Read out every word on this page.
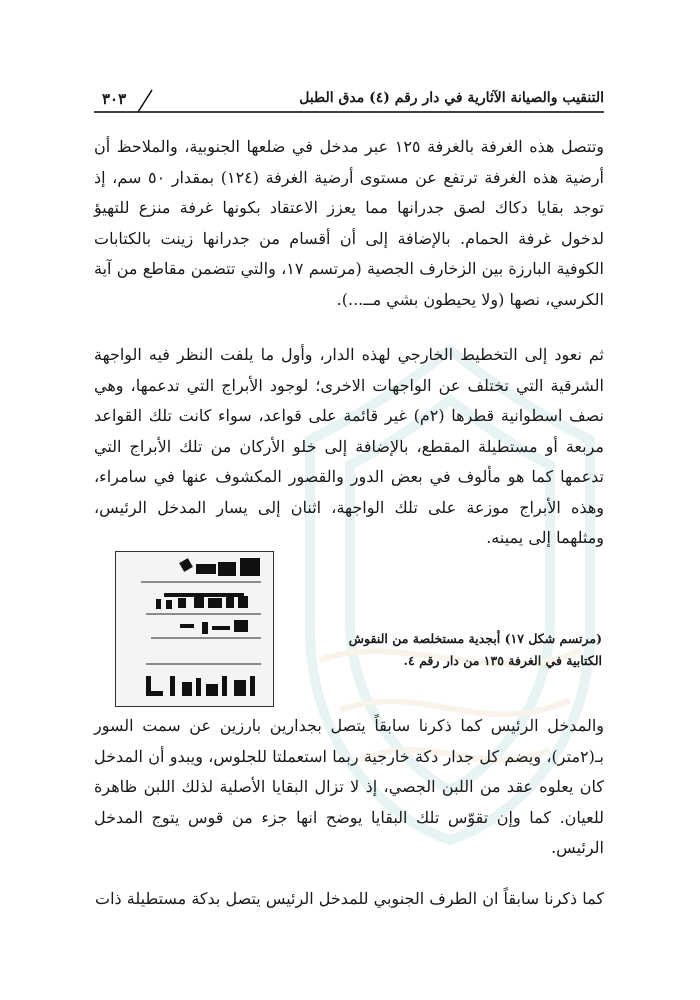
٣٠٣	التنقيب والصيانة الآثارية في دار رقم (٤) مدق الطبل

وتتصل هذه الغرفة بالغرفة ١٢٥ عبر مدخل في ضلعها الجنوبية، والملاحظ أن أرضية هذه الغرفة ترتفع عن مستوى أرضية الغرفة (١٢٤) بمقدار ٥٠ سم، إذ توجد بقايا دكاك لصق جدرانها مما يعزز الاعتقاد بكونها غرفة منزع للتهيؤ لدخول غرفة الحمام. بالإضافة إلى أن أقسام من جدرانها زينت بالكتابات الكوفية البارزة بين الزخارف الجصية (مرتسم ١٧، والتي تتضمن مقاطع من آية الكرسي، نصها (ولا يحيطون بشي مــ...).

ثم نعود إلى التخطيط الخارجي لهذه الدار، وأول ما يلفت النظر فيه الواجهة الشرقية التي تختلف عن الواجهات الاخرى؛ لوجود الأبراج التي تدعمها، وهي نصف اسطوانية قطرها (٢م) غير قائمة على قواعد، سواء كانت تلك القواعد مربعة أو مستطيلة المقطع، بالإضافة إلى خلو الأركان من تلك الأبراج التي تدعمها كما هو مألوف في بعض الدور والقصور المكشوف عنها في سامراء، وهذه الأبراج موزعة على تلك الواجهة، اثنان إلى يسار المدخل الرئيس، ومثلهما إلى يمينه.

(مرتسم شكل ١٧) أبجدية مستخلصة من النقوش
الكتابية في الغرفة ١٣٥ من دار رقم ٤.

والمدخل الرئيس كما ذكرنا سابقاً يتصل بجدارين بارزين عن سمت السور بـ(٢متر)، ويضم كل جدار دكة خارجية ربما استعملتا للجلوس، ويبدو أن المدخل كان يعلوه عقد من اللبن الجصي، إذ لا تزال البقايا الأصلية لذلك اللبن ظاهرة للعيان. كما وإن تقوّس تلك البقايا يوضح انها جزء من قوس يتوج المدخل الرئيس.

كما ذكرنا سابقاً ان الطرف الجنوبي للمدخل الرئيس يتصل بدكة مستطيلة ذات
